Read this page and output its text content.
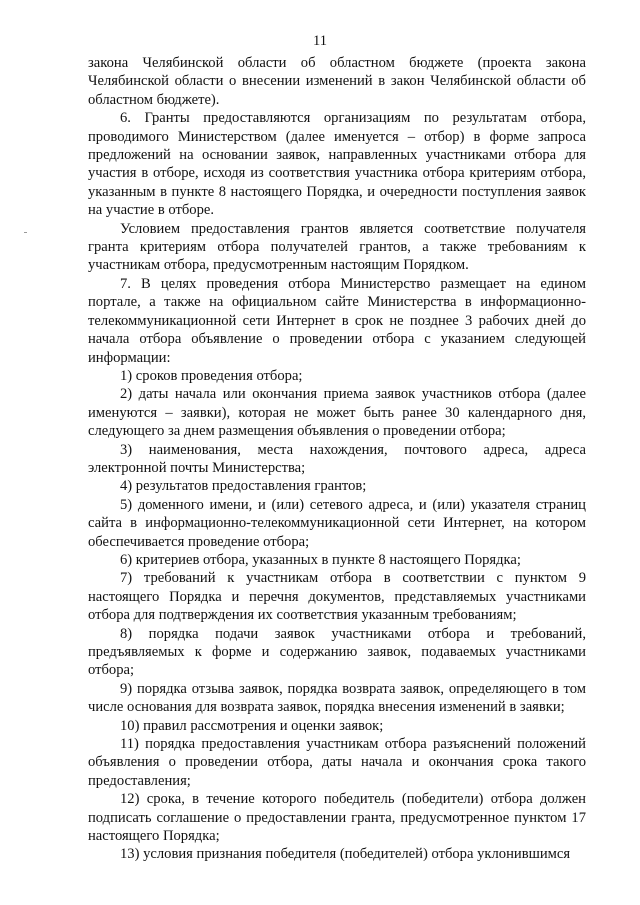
11

закона Челябинской области об областном бюджете (проекта закона Челябинской области о внесении изменений в закон Челябинской области об областном бюджете).

6. Гранты предоставляются организациям по результатам отбора, проводимого Министерством (далее именуется – отбор) в форме запроса предложений на основании заявок, направленных участниками отбора для участия в отборе, исходя из соответствия участника отбора критериям отбора, указанным в пункте 8 настоящего Порядка, и очередности поступления заявок на участие в отборе.

Условием предоставления грантов является соответствие получателя гранта критериям отбора получателей грантов, а также требованиям к участникам отбора, предусмотренным настоящим Порядком.

7. В целях проведения отбора Министерство размещает на едином портале, а также на официальном сайте Министерства в информационно-телекоммуникационной сети Интернет в срок не позднее 3 рабочих дней до начала отбора объявление о проведении отбора с указанием следующей информации:

1) сроков проведения отбора;

2) даты начала или окончания приема заявок участников отбора (далее именуются – заявки), которая не может быть ранее 30 календарного дня, следующего за днем размещения объявления о проведении отбора;

3) наименования, места нахождения, почтового адреса, адреса электронной почты Министерства;

4) результатов предоставления грантов;

5) доменного имени, и (или) сетевого адреса, и (или) указателя страниц сайта в информационно-телекоммуникационной сети Интернет, на котором обеспечивается проведение отбора;

6) критериев отбора, указанных в пункте 8 настоящего Порядка;

7) требований к участникам отбора в соответствии с пунктом 9 настоящего Порядка и перечня документов, представляемых участниками отбора для подтверждения их соответствия указанным требованиям;

8) порядка подачи заявок участниками отбора и требований, предъявляемых к форме и содержанию заявок, подаваемых участниками отбора;

9) порядка отзыва заявок, порядка возврата заявок, определяющего в том числе основания для возврата заявок, порядка внесения изменений в заявки;

10) правил рассмотрения и оценки заявок;

11) порядка предоставления участникам отбора разъяснений положений объявления о проведении отбора, даты начала и окончания срока такого предоставления;

12) срока, в течение которого победитель (победители) отбора должен подписать соглашение о предоставлении гранта, предусмотренное пунктом 17 настоящего Порядка;

13) условия признания победителя (победителей) отбора уклонившимся
